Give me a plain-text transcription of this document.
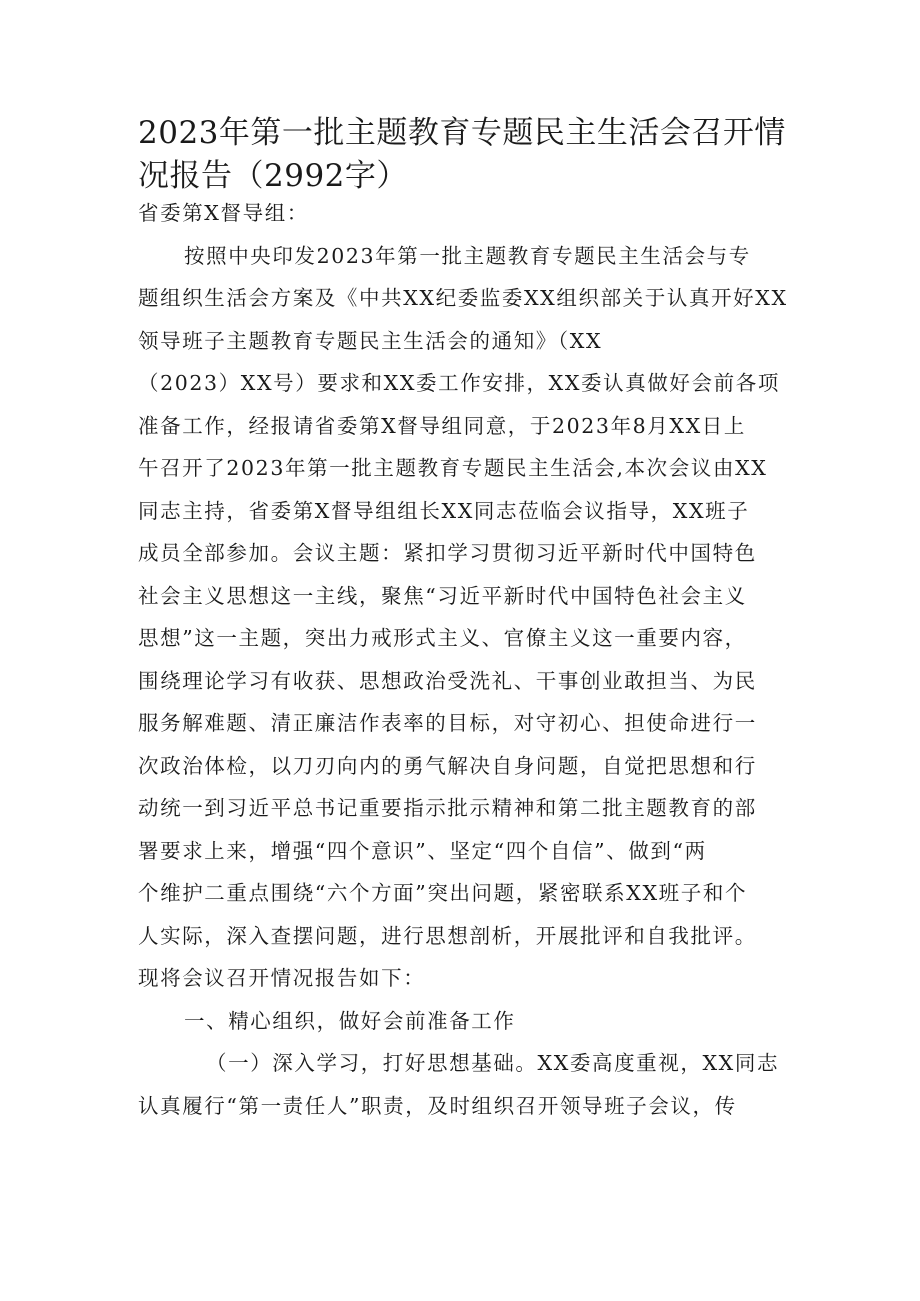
2023年第一批主题教育专题民主生活会召开情况报告（2992字）
省委第X督导组：
按照中央印发2023年第一批主题教育专题民主生活会与专
题组织生活会方案及《中共XX纪委监委XX组织部关于认真开好XX
领导班子主题教育专题民主生活会的通知》（XX
（2023）XX号）要求和XX委工作安排，XX委认真做好会前各项
准备工作，经报请省委第X督导组同意，于2023年8月XX日上
午召开了2023年第一批主题教育专题民主生活会,本次会议由XX
同志主持，省委第X督导组组长XX同志莅临会议指导，XX班子
成员全部参加。会议主题：紧扣学习贯彻习近平新时代中国特色
社会主义思想这一主线，聚焦“习近平新时代中国特色社会主义
思想”这一主题，突出力戒形式主义、官僚主义这一重要内容，
围绕理论学习有收获、思想政治受洗礼、干事创业敢担当、为民
服务解难题、清正廉洁作表率的目标，对守初心、担使命进行一
次政治体检，以刀刃向内的勇气解决自身问题，自觉把思想和行
动统一到习近平总书记重要指示批示精神和第二批主题教育的部
署要求上来，增强“四个意识”、坚定“四个自信”、做到“两
个维护二重点围绕“六个方面”突出问题，紧密联系XX班子和个
人实际，深入查摆问题，进行思想剖析，开展批评和自我批评。
现将会议召开情况报告如下：
一、精心组织，做好会前准备工作
（一）深入学习，打好思想基础。XX委高度重视，XX同志
认真履行“第一责任人”职责，及时组织召开领导班子会议，传
